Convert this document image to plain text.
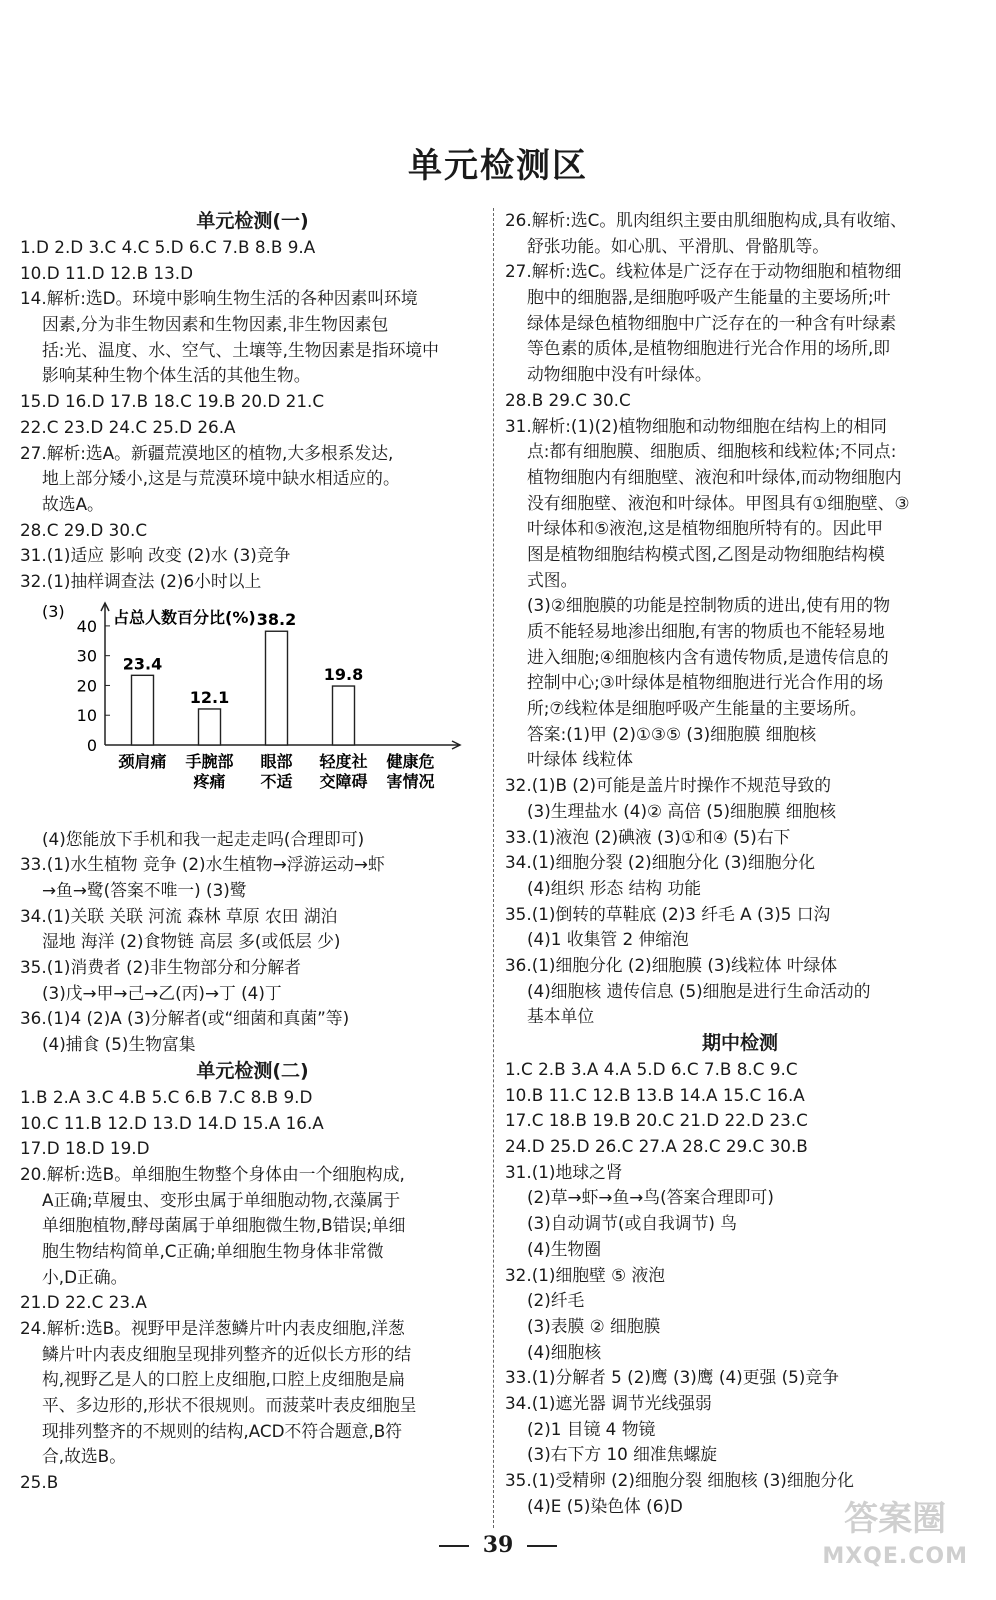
单元检测区
单元检测(一)
1.D 2.D 3.C 4.C 5.D 6.C 7.B 8.B 9.A
10.D 11.D 12.B 13.D
14.解析:选D。环境中影响生物生活的各种因素叫环境
因素,分为非生物因素和生物因素,非生物因素包
括:光、温度、水、空气、土壤等,生物因素是指环境中
影响某种生物个体生活的其他生物。
15.D 16.D 17.B 18.C 19.B 20.D 21.C
22.C 23.D 24.C 25.D 26.A
27.解析:选A。新疆荒漠地区的植物,大多根系发达,
地上部分矮小,这是与荒漠环境中缺水相适应的。
故选A。
28.C 29.D 30.C
31.(1)适应 影响 改变 (2)水 (3)竞争
32.(1)抽样调查法 (2)6小时以上
(3)	占总人数百分比(%)
0
10
20
30
40
23.4
颈肩痛
12.1
手腕部
疼痛
38.2
眼部
不适
19.8
轻度社
交障碍
健康危
害情况
(4)您能放下手机和我一起走走吗(合理即可)
33.(1)水生植物 竞争 (2)水生植物→浮游运动→虾
→鱼→鹭(答案不唯一) (3)鹭
34.(1)关联 关联 河流 森林 草原 农田 湖泊
湿地 海洋 (2)食物链 高层 多(或低层 少)
35.(1)消费者 (2)非生物部分和分解者
(3)戊→甲→己→乙(丙)→丁 (4)丁
36.(1)4 (2)A (3)分解者(或“细菌和真菌”等)
(4)捕食 (5)生物富集
单元检测(二)
1.B 2.A 3.C 4.B 5.C 6.B 7.C 8.B 9.D
10.C 11.B 12.D 13.D 14.D 15.A 16.A
17.D 18.D 19.D
20.解析:选B。单细胞生物整个身体由一个细胞构成,
A正确;草履虫、变形虫属于单细胞动物,衣藻属于
单细胞植物,酵母菌属于单细胞微生物,B错误;单细
胞生物结构简单,C正确;单细胞生物身体非常微
小,D正确。
21.D 22.C 23.A
24.解析:选B。视野甲是洋葱鳞片叶内表皮细胞,洋葱
鳞片叶内表皮细胞呈现排列整齐的近似长方形的结
构,视野乙是人的口腔上皮细胞,口腔上皮细胞是扁
平、多边形的,形状不很规则。而菠菜叶表皮细胞呈
现排列整齐的不规则的结构,ACD不符合题意,B符
合,故选B。
25.B
26.解析:选C。肌肉组织主要由肌细胞构成,具有收缩、
舒张功能。如心肌、平滑肌、骨骼肌等。
27.解析:选C。线粒体是广泛存在于动物细胞和植物细
胞中的细胞器,是细胞呼吸产生能量的主要场所;叶
绿体是绿色植物细胞中广泛存在的一种含有叶绿素
等色素的质体,是植物细胞进行光合作用的场所,即
动物细胞中没有叶绿体。
28.B 29.C 30.C
31.解析:(1)(2)植物细胞和动物细胞在结构上的相同
点:都有细胞膜、细胞质、细胞核和线粒体;不同点:
植物细胞内有细胞壁、液泡和叶绿体,而动物细胞内
没有细胞壁、液泡和叶绿体。甲图具有①细胞壁、③
叶绿体和⑤液泡,这是植物细胞所特有的。因此甲
图是植物细胞结构模式图,乙图是动物细胞结构模
式图。
(3)②细胞膜的功能是控制物质的进出,使有用的物
质不能轻易地渗出细胞,有害的物质也不能轻易地
进入细胞;④细胞核内含有遗传物质,是遗传信息的
控制中心;③叶绿体是植物细胞进行光合作用的场
所;⑦线粒体是细胞呼吸产生能量的主要场所。
答案:(1)甲 (2)①③⑤ (3)细胞膜 细胞核
叶绿体 线粒体
32.(1)B (2)可能是盖片时操作不规范导致的
(3)生理盐水 (4)② 高倍 (5)细胞膜 细胞核
33.(1)液泡 (2)碘液 (3)①和④ (5)右下
34.(1)细胞分裂 (2)细胞分化 (3)细胞分化
(4)组织 形态 结构 功能
35.(1)倒转的草鞋底 (2)3 纤毛 A (3)5 口沟
(4)1 收集管 2 伸缩泡
36.(1)细胞分化 (2)细胞膜 (3)线粒体 叶绿体
(4)细胞核 遗传信息 (5)细胞是进行生命活动的
基本单位
期中检测
1.C 2.B 3.A 4.A 5.D 6.C 7.B 8.C 9.C
10.B 11.C 12.B 13.B 14.A 15.C 16.A
17.C 18.B 19.B 20.C 21.D 22.D 23.C
24.D 25.D 26.C 27.A 28.C 29.C 30.B
31.(1)地球之肾
(2)草→虾→鱼→鸟(答案合理即可)
(3)自动调节(或自我调节) 鸟
(4)生物圈
32.(1)细胞壁 ⑤ 液泡
(2)纤毛
(3)表膜 ② 细胞膜
(4)细胞核
33.(1)分解者 5 (2)鹰 (3)鹰 (4)更强 (5)竞争
34.(1)遮光器 调节光线强弱
(2)1 目镜 4 物镜
(3)右下方 10 细准焦螺旋
35.(1)受精卵 (2)细胞分裂 细胞核 (3)细胞分化
(4)E (5)染色体 (6)D
39
答案圈
MXQE.COM
